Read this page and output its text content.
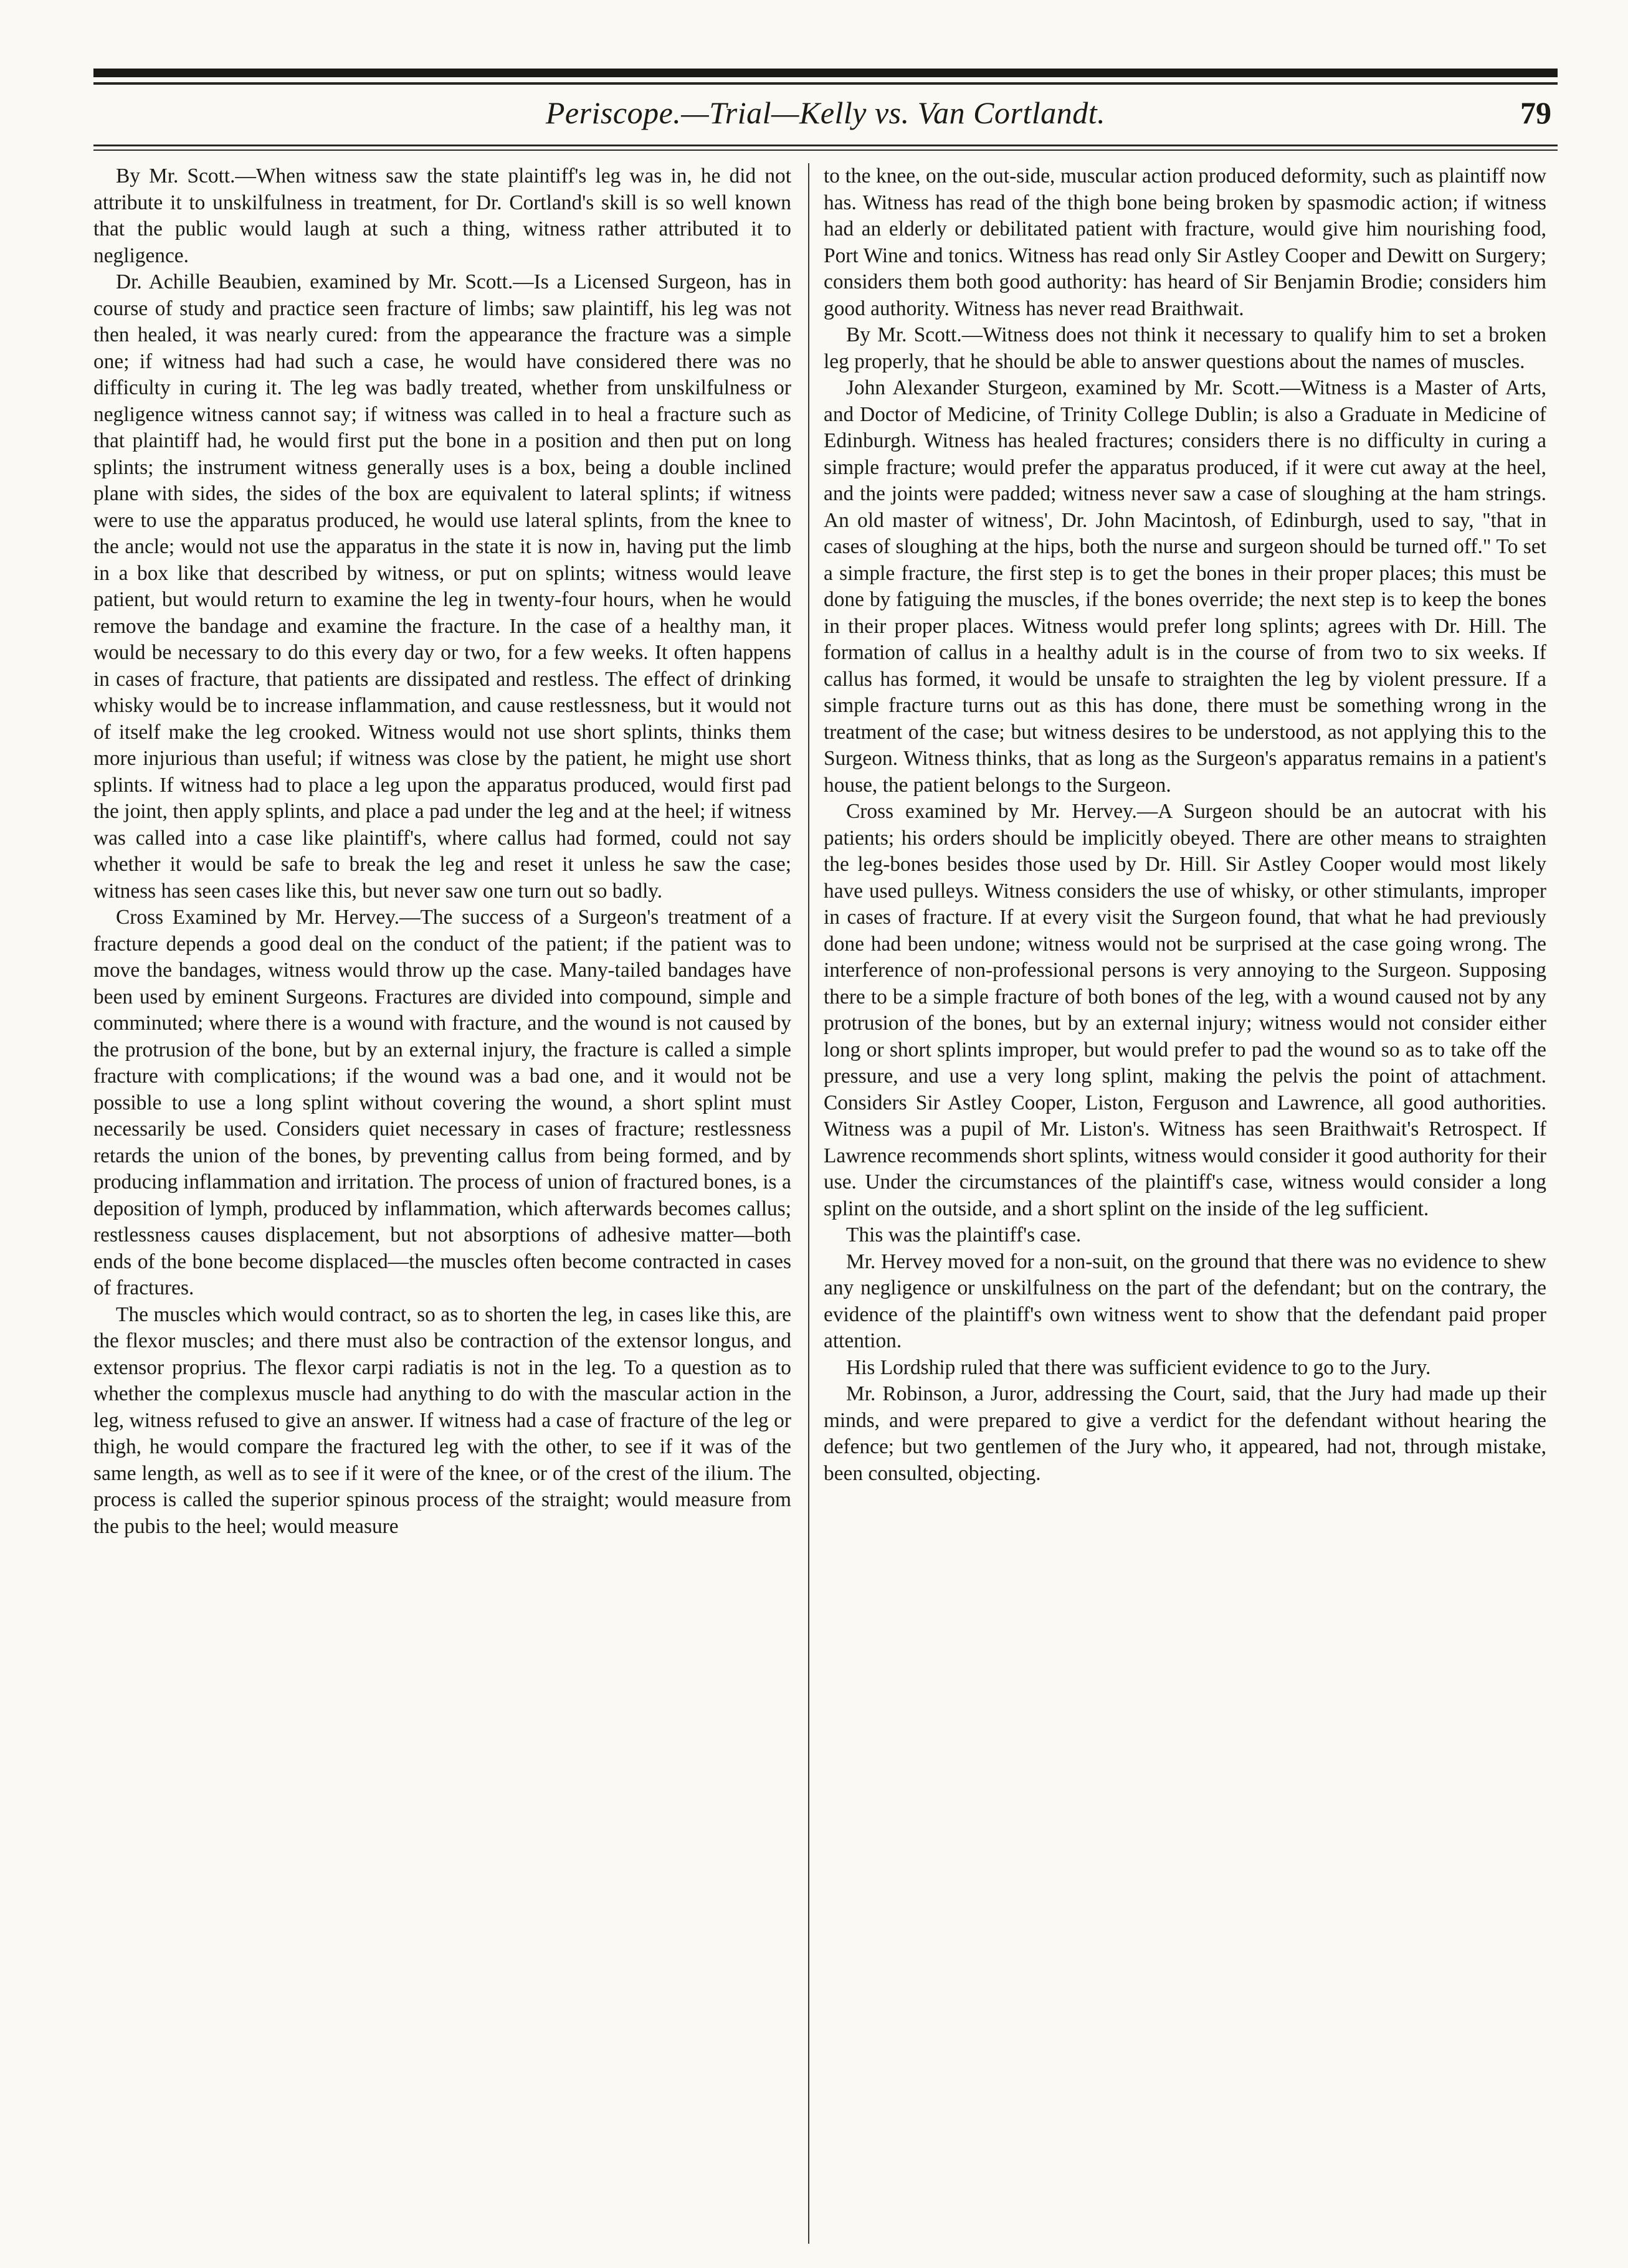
Periscope.—Trial—Kelly vs. Van Cortlandt.	79

By Mr. Scott.—When witness saw the state plaintiff's leg was in, he did not attribute it to unskilfulness in treatment, for Dr. Cortland's skill is so well known that the public would laugh at such a thing, witness rather attributed it to negligence.

Dr. Achille Beaubien, examined by Mr. Scott.—Is a Licensed Surgeon, has in course of study and practice seen fracture of limbs; saw plaintiff, his leg was not then healed, it was nearly cured: from the appearance the fracture was a simple one; if witness had had such a case, he would have considered there was no difficulty in curing it. The leg was badly treated, whether from unskilfulness or negligence witness cannot say; if witness was called in to heal a fracture such as that plaintiff had, he would first put the bone in a position and then put on long splints; the instrument witness generally uses is a box, being a double inclined plane with sides, the sides of the box are equivalent to lateral splints; if witness were to use the apparatus produced, he would use lateral splints, from the knee to the ancle; would not use the apparatus in the state it is now in, having put the limb in a box like that described by witness, or put on splints; witness would leave patient, but would return to examine the leg in twenty-four hours, when he would remove the bandage and examine the fracture. In the case of a healthy man, it would be necessary to do this every day or two, for a few weeks. It often happens in cases of fracture, that patients are dissipated and restless. The effect of drinking whisky would be to increase inflammation, and cause restlessness, but it would not of itself make the leg crooked. Witness would not use short splints, thinks them more injurious than useful; if witness was close by the patient, he might use short splints. If witness had to place a leg upon the apparatus produced, would first pad the joint, then apply splints, and place a pad under the leg and at the heel; if witness was called into a case like plaintiff's, where callus had formed, could not say whether it would be safe to break the leg and reset it unless he saw the case; witness has seen cases like this, but never saw one turn out so badly.

Cross Examined by Mr. Hervey.—The success of a Surgeon's treatment of a fracture depends a good deal on the conduct of the patient; if the patient was to move the bandages, witness would throw up the case. Many-tailed bandages have been used by eminent Surgeons. Fractures are divided into compound, simple and comminuted; where there is a wound with fracture, and the wound is not caused by the protrusion of the bone, but by an external injury, the fracture is called a simple fracture with complications; if the wound was a bad one, and it would not be possible to use a long splint without covering the wound, a short splint must necessarily be used. Considers quiet necessary in cases of fracture; restlessness retards the union of the bones, by preventing callus from being formed, and by producing inflammation and irritation. The process of union of fractured bones, is a deposition of lymph, produced by inflammation, which afterwards becomes callus; restlessness causes displacement, but not absorptions of adhesive matter—both ends of the bone become displaced—the muscles often become contracted in cases of fractures.

The muscles which would contract, so as to shorten the leg, in cases like this, are the flexor muscles; and there must also be contraction of the extensor longus, and extensor proprius. The flexor carpi radiatis is not in the leg. To a question as to whether the complexus muscle had anything to do with the mascular action in the leg, witness refused to give an answer. If witness had a case of fracture of the leg or thigh, he would compare the fractured leg with the other, to see if it was of the same length, as well as to see if it were of the knee, or of the crest of the ilium. The process is called the superior spinous process of the straight; would measure from the pubis to the heel; would measure

to the knee, on the out-side, muscular action produced deformity, such as plaintiff now has. Witness has read of the thigh bone being broken by spasmodic action; if witness had an elderly or debilitated patient with fracture, would give him nourishing food, Port Wine and tonics. Witness has read only Sir Astley Cooper and Dewitt on Surgery; considers them both good authority: has heard of Sir Benjamin Brodie; considers him good authority. Witness has never read Braithwait.

By Mr. Scott.—Witness does not think it necessary to qualify him to set a broken leg properly, that he should be able to answer questions about the names of muscles.

John Alexander Sturgeon, examined by Mr. Scott.—Witness is a Master of Arts, and Doctor of Medicine, of Trinity College Dublin; is also a Graduate in Medicine of Edinburgh. Witness has healed fractures; considers there is no difficulty in curing a simple fracture; would prefer the apparatus produced, if it were cut away at the heel, and the joints were padded; witness never saw a case of sloughing at the ham strings. An old master of witness', Dr. John Macintosh, of Edinburgh, used to say, "that in cases of sloughing at the hips, both the nurse and surgeon should be turned off." To set a simple fracture, the first step is to get the bones in their proper places; this must be done by fatiguing the muscles, if the bones override; the next step is to keep the bones in their proper places. Witness would prefer long splints; agrees with Dr. Hill. The formation of callus in a healthy adult is in the course of from two to six weeks. If callus has formed, it would be unsafe to straighten the leg by violent pressure. If a simple fracture turns out as this has done, there must be something wrong in the treatment of the case; but witness desires to be understood, as not applying this to the Surgeon. Witness thinks, that as long as the Surgeon's apparatus remains in a patient's house, the patient belongs to the Surgeon.

Cross examined by Mr. Hervey.—A Surgeon should be an autocrat with his patients; his orders should be implicitly obeyed. There are other means to straighten the leg-bones besides those used by Dr. Hill. Sir Astley Cooper would most likely have used pulleys. Witness considers the use of whisky, or other stimulants, improper in cases of fracture. If at every visit the Surgeon found, that what he had previously done had been undone; witness would not be surprised at the case going wrong. The interference of non-professional persons is very annoying to the Surgeon. Supposing there to be a simple fracture of both bones of the leg, with a wound caused not by any protrusion of the bones, but by an external injury; witness would not consider either long or short splints improper, but would prefer to pad the wound so as to take off the pressure, and use a very long splint, making the pelvis the point of attachment. Considers Sir Astley Cooper, Liston, Ferguson and Lawrence, all good authorities. Witness was a pupil of Mr. Liston's. Witness has seen Braithwait's Retrospect. If Lawrence recommends short splints, witness would consider it good authority for their use. Under the circumstances of the plaintiff's case, witness would consider a long splint on the outside, and a short splint on the inside of the leg sufficient.

This was the plaintiff's case.

Mr. Hervey moved for a non-suit, on the ground that there was no evidence to shew any negligence or unskilfulness on the part of the defendant; but on the contrary, the evidence of the plaintiff's own witness went to show that the defendant paid proper attention.

His Lordship ruled that there was sufficient evidence to go to the Jury.

Mr. Robinson, a Juror, addressing the Court, said, that the Jury had made up their minds, and were prepared to give a verdict for the defendant without hearing the defence; but two gentlemen of the Jury who, it appeared, had not, through mistake, been consulted, objecting.
